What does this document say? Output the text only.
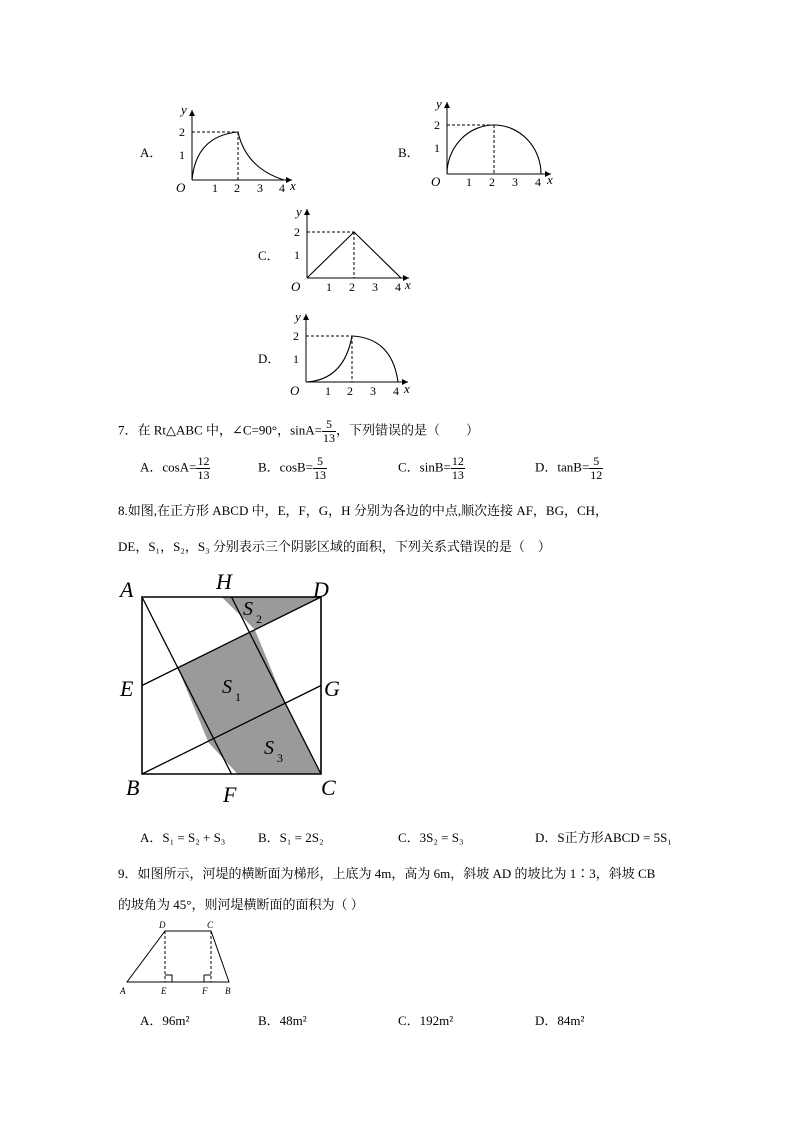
A．
y
x
O 1 2 3 4
1
2
B．
y
x
O 1 2 3 4
1
2
C．
y
x
O 1 2 3 4
1
2
D．
y
x
O 1 2 3 4
1
2
7．在 Rt△ABC 中，∠C=90°，$\sin A= \frac{5}{13}$ ，下列错误的是（　　）
A．$\cos A= \frac{12}{13}$	B．$\cos B= \frac{5}{13}$	C．$\sin B= \frac{12}{13}$	D．$\tan B= \frac{5}{12}$
8.如图,在正方形 ABCD 中，E，F，G，H 分别为各边的中点,顺次连接 AF，BG，CH，
DE，S₁，S₂，S₃ 分别表示三个阴影区域的面积，下列关系式错误的是（　）
A	H	D
E	G
B	F	C
S 2
S 1
S 3
A．S₁ = S₂ + S₃	B．S₁ = 2S₂	C．3S₂ = S₃	D．S正方形ABCD = 5S₁
9．如图所示，河堤的横断面为梯形，上底为 4m，高为 6m，斜坡 AD 的坡比为 1∶3，斜坡 CB
的坡角为 45°，则河堤横断面的面积为（ ）
D	C
A	E	F B
A．96m²	B．48m²	C．192m²	D．84m²
